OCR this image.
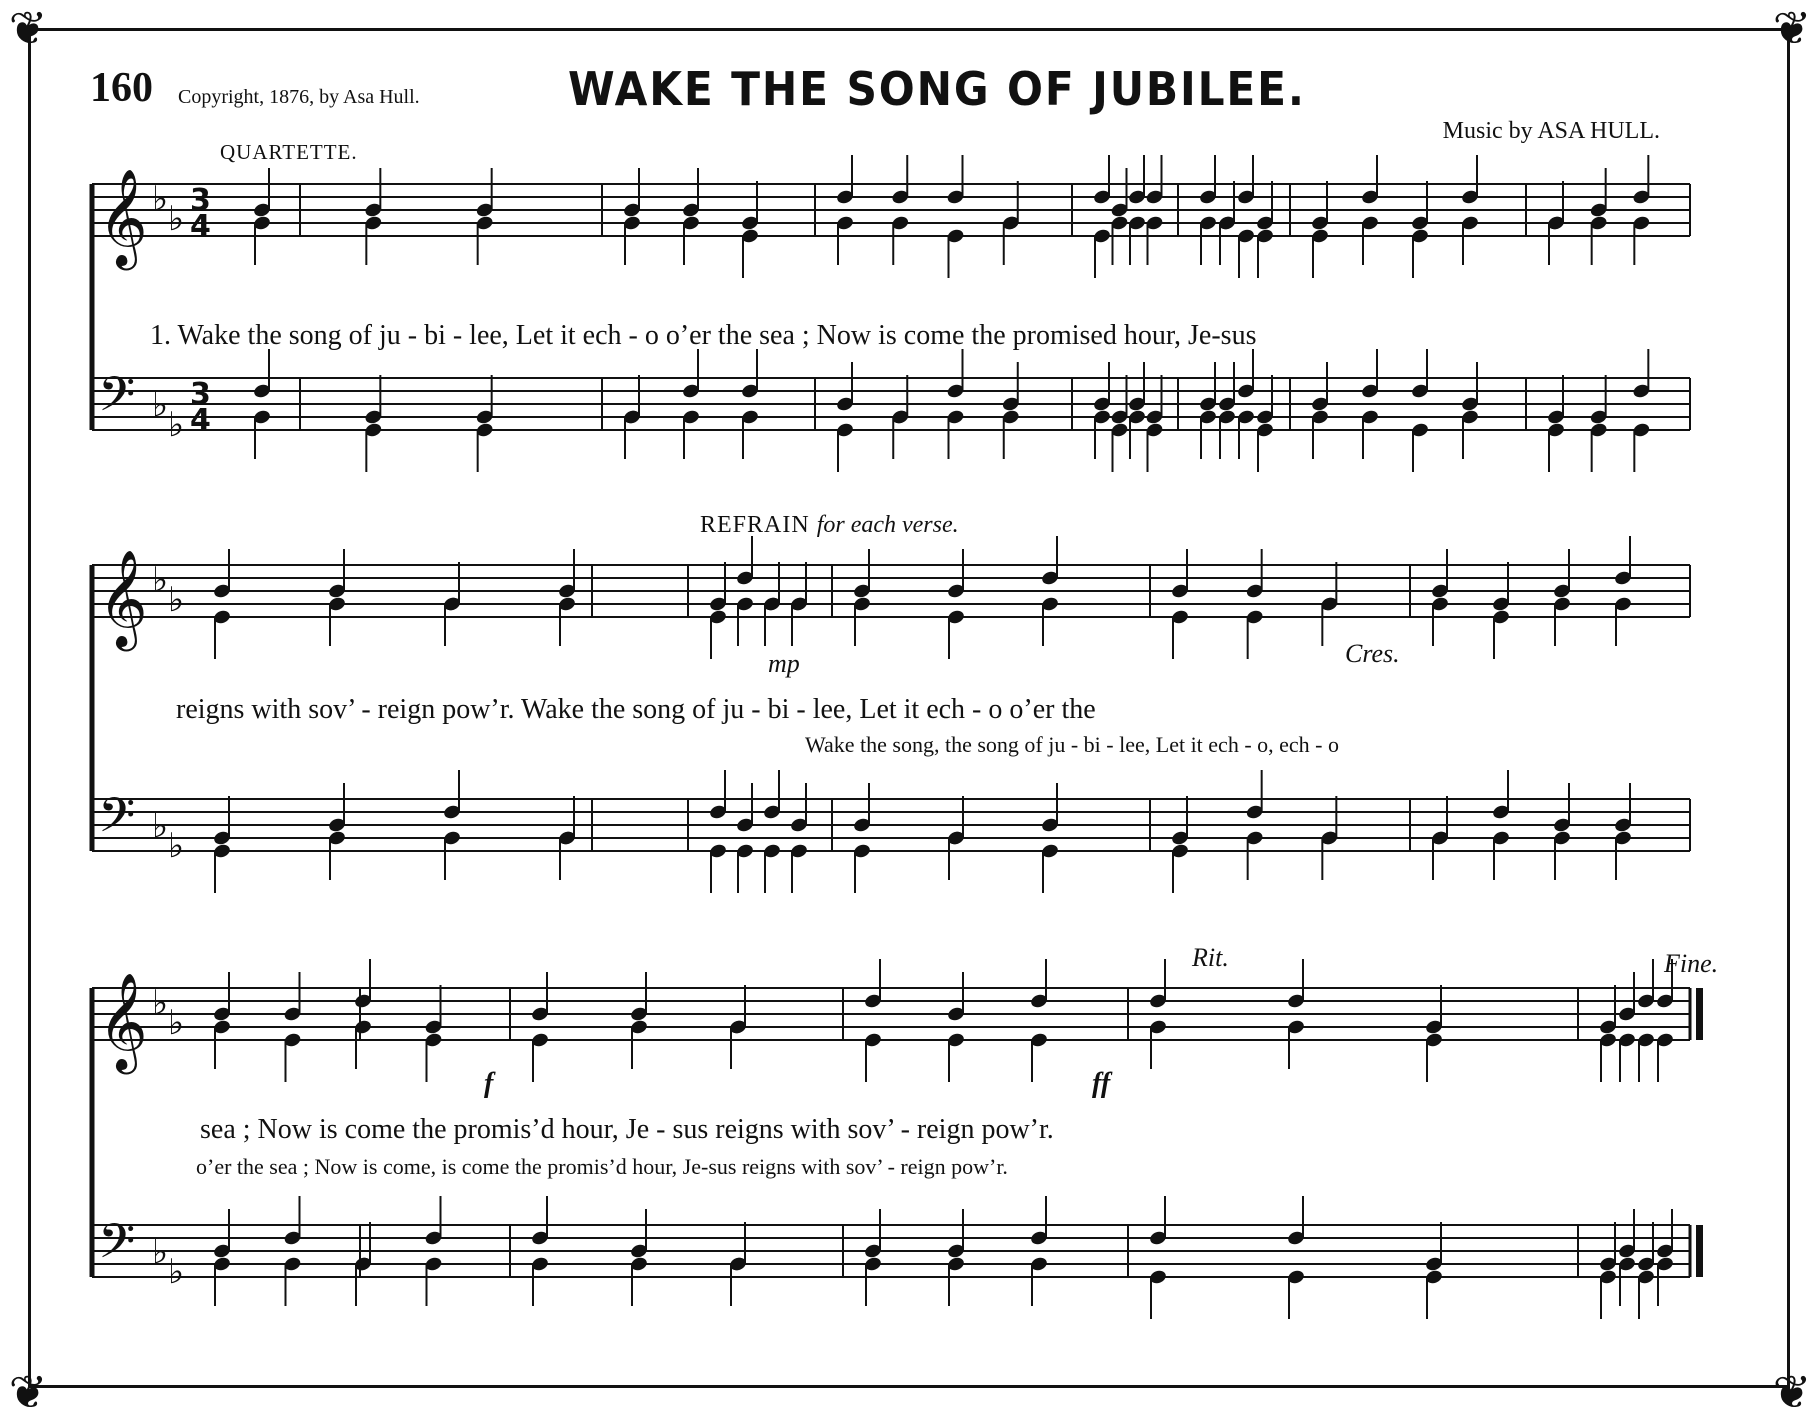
❦	❦
❦	❦
160 Copyright, 1876, by Asa Hull.	WAKE THE SONG OF JUBILEE.
Music by ASA HULL.
QUARTETTE.
REFRAIN for each verse.
𝄞 ♭ ♭ 3
4
𝄢 ♭ ♭
3
4
𝄞 ♭ ♭
𝄢 ♭ ♭
𝄞 ♭ ♭
𝄢 ♭ ♭
1. Wake the song of ju - bi - lee, Let it ech - o o’er the sea ; Now is come the promised hour, Je-sus
reigns with sov’ - reign pow’r. Wake the song of ju - bi - lee, Let it ech - o o’er the
Wake the song, the song of ju - bi - lee, Let it ech - o, ech - o
sea ; Now is come the promis’d hour, Je - sus reigns with sov’ - reign pow’r.
o’er the sea ; Now is come, is come the promis’d hour, Je-sus reigns with sov’ - reign pow’r.
mp	Cres.
f	ff
Rit.	Fine.
